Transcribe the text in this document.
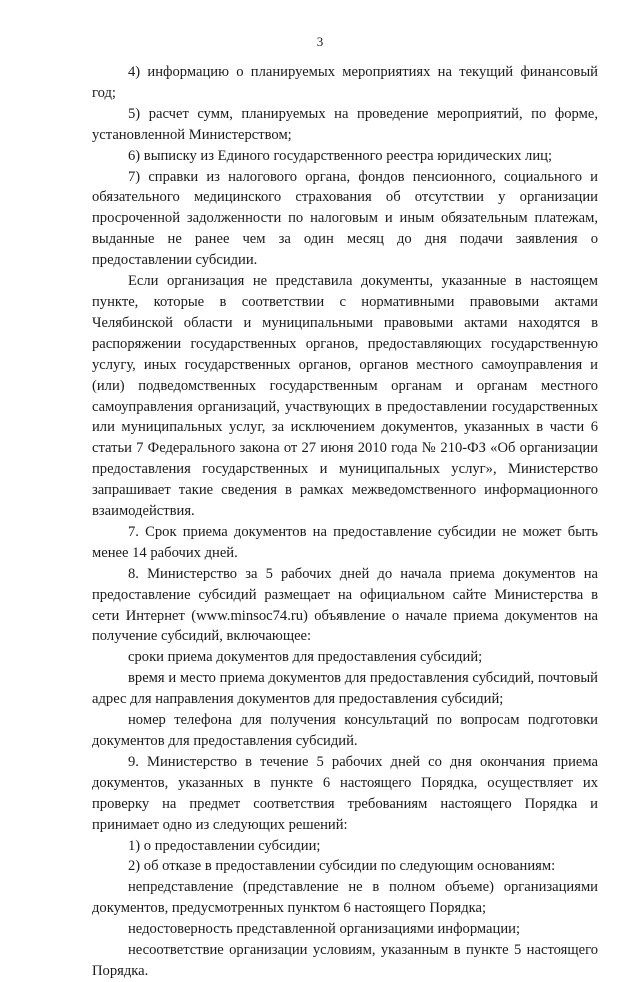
3

4) информацию о планируемых мероприятиях на текущий финансовый год;

5) расчет сумм, планируемых на проведение мероприятий, по форме, установленной Министерством;

6) выписку из Единого государственного реестра юридических лиц;

7) справки из налогового органа, фондов пенсионного, социального и обязательного медицинского страхования об отсутствии у организации просроченной задолженности по налоговым и иным обязательным платежам, выданные не ранее чем за один месяц до дня подачи заявления о предоставлении субсидии.

Если организация не представила документы, указанные в настоящем пункте, которые в соответствии с нормативными правовыми актами Челябинской области и муниципальными правовыми актами находятся в распоряжении государственных органов, предоставляющих государственную услугу, иных государственных органов, органов местного самоуправления и (или) подведомственных государственным органам и органам местного самоуправления организаций, участвующих в предоставлении государственных или муниципальных услуг, за исключением документов, указанных в части 6 статьи 7 Федерального закона от 27 июня 2010 года № 210-ФЗ «Об организации предоставления государственных и муниципальных услуг», Министерство запрашивает такие сведения в рамках межведомственного информационного взаимодействия.

7. Срок приема документов на предоставление субсидии не может быть менее 14 рабочих дней.

8. Министерство за 5 рабочих дней до начала приема документов на предоставление субсидий размещает на официальном сайте Министерства в сети Интернет (www.minsoc74.ru) объявление о начале приема документов на получение субсидий, включающее:

сроки приема документов для предоставления субсидий;

время и место приема документов для предоставления субсидий, почтовый адрес для направления документов для предоставления субсидий;

номер телефона для получения консультаций по вопросам подготовки документов для предоставления субсидий.

9. Министерство в течение 5 рабочих дней со дня окончания приема документов, указанных в пункте 6 настоящего Порядка, осуществляет их проверку на предмет соответствия требованиям настоящего Порядка и принимает одно из следующих решений:

1) о предоставлении субсидии;

2) об отказе в предоставлении субсидии по следующим основаниям:

непредставление (представление не в полном объеме) организациями документов, предусмотренных пунктом 6 настоящего Порядка;

недостоверность представленной организациями информации;

несоответствие организации условиям, указанным в пункте 5 настоящего Порядка.
